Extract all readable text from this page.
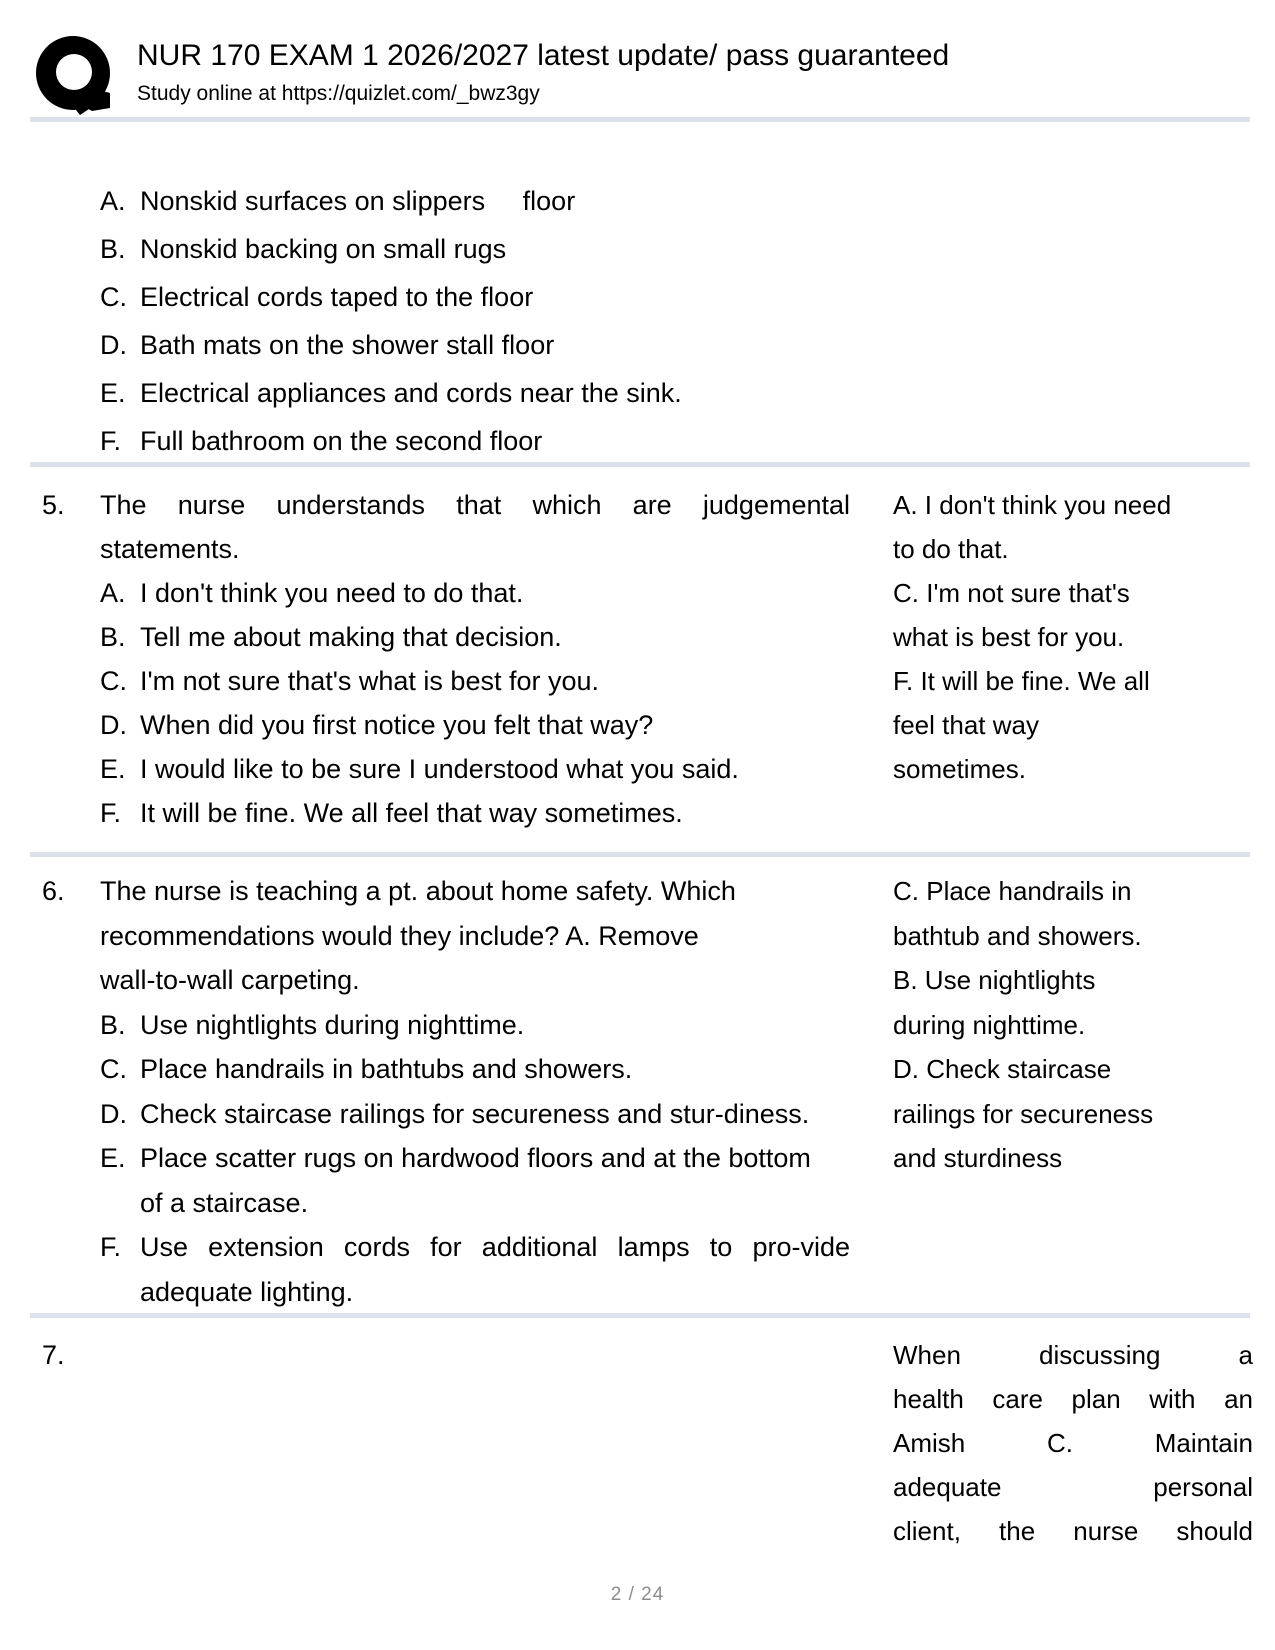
NUR 170 EXAM 1 2026/2027 latest update/ pass guaranteed
Study online at https://quizlet.com/_bwz3gy
A. Nonskid surfaces on slippers     floor
B. Nonskid backing on small rugs
C. Electrical cords taped to the floor
D. Bath mats on the shower stall floor
E. Electrical appliances and cords near the sink.
F. Full bathroom on the second floor
5. The nurse understands that which are judgemental
statements.
A. I don't think you need to do that.
B. Tell me about making that decision.
C. I'm not sure that's what is best for you.
D. When did you first notice you felt that way?
E. I would like to be sure I understood what you said.
F. It will be fine. We all feel that way sometimes.
A. I don't think you need
to do that.
C. I'm not sure that's
what is best for you.
F. It will be fine. We all
feel that way
sometimes.
6. The nurse is teaching a pt. about home safety. Which
recommendations would they include? A. Remove
wall-to-wall carpeting.
B. Use nightlights during nighttime.
C. Place handrails in bathtubs and showers.
D. Check staircase railings for secureness and stur-diness.
E. Place scatter rugs on hardwood floors and at the bottom
of a staircase.
F. Use extension cords for additional lamps to pro-vide
adequate lighting.
C. Place handrails in
bathtub and showers.
B. Use nightlights
during nighttime.
D. Check staircase
railings for secureness
and sturdiness
7.	When discussing a
health care plan with an
Amish C. Maintain
adequate personal
client, the nurse should
2 / 24
